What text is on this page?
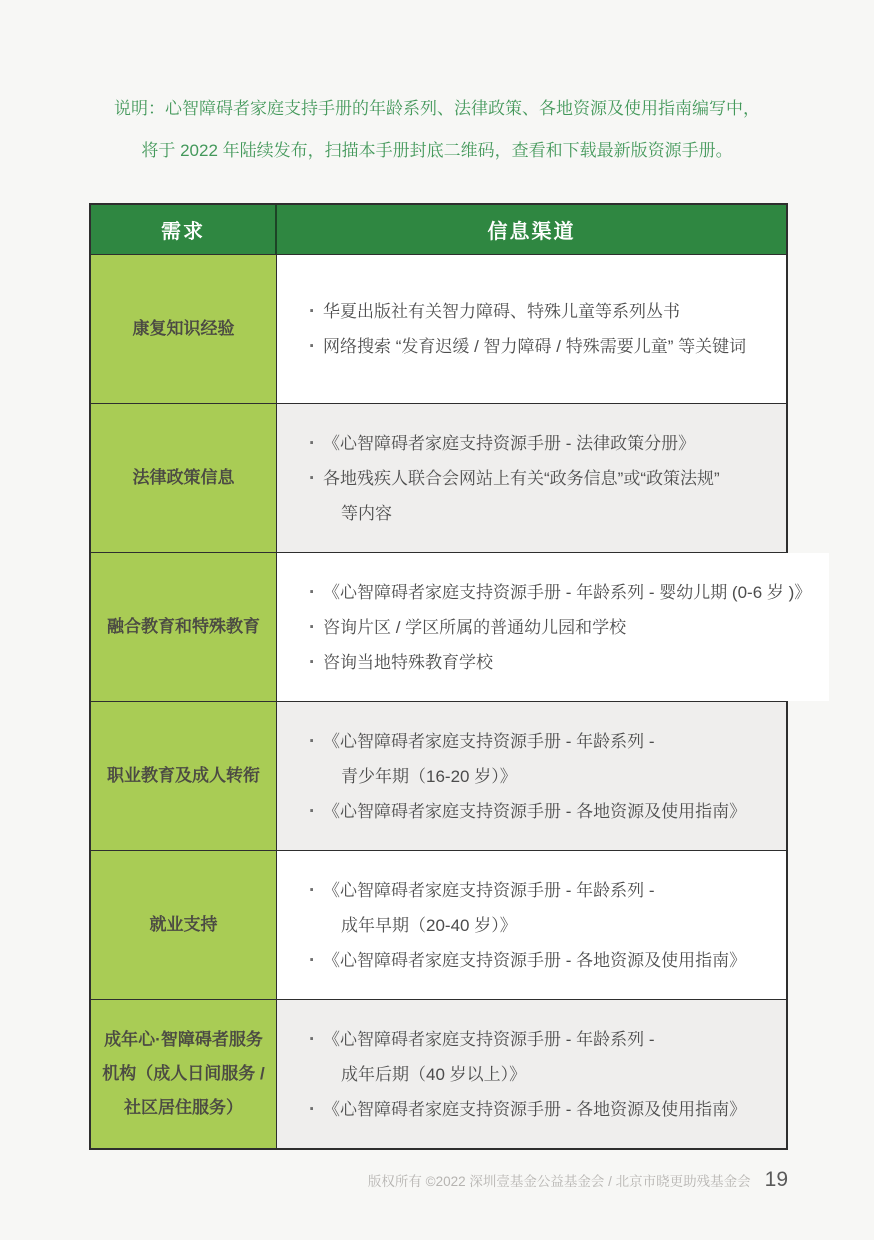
说明：心智障碍者家庭支持手册的年龄系列、法律政策、各地资源及使用指南编写中，
将于 2022 年陆续发布，扫描本手册封底二维码，查看和下载最新版资源手册。
需求	信息渠道
康复知识经验
· 华夏出版社有关智力障碍、特殊儿童等系列丛书
· 网络搜索 “发育迟缓 / 智力障碍 / 特殊需要儿童” 等关键词
法律政策信息
· 《心智障碍者家庭支持资源手册 - 法律政策分册》
· 各地残疾人联合会网站上有关“政务信息”或“政策法规”
等内容
融合教育和特殊教育
· 《心智障碍者家庭支持资源手册 - 年龄系列 - 婴幼儿期 (0-6 岁 )》
· 咨询片区 / 学区所属的普通幼儿园和学校
· 咨询当地特殊教育学校
职业教育及成人转衔
· 《心智障碍者家庭支持资源手册 - 年龄系列 -
青少年期（16-20 岁）》
· 《心智障碍者家庭支持资源手册 - 各地资源及使用指南》
就业支持
· 《心智障碍者家庭支持资源手册 - 年龄系列 -
成年早期（20-40 岁）》
· 《心智障碍者家庭支持资源手册 - 各地资源及使用指南》
成年心·智障碍者服务机构（成人日间服务 / 社区居住服务）
· 《心智障碍者家庭支持资源手册 - 年龄系列 -
成年后期（40 岁以上）》
· 《心智障碍者家庭支持资源手册 - 各地资源及使用指南》
版权所有 ©2022 深圳壹基金公益基金会 / 北京市晓更助残基金会 19
